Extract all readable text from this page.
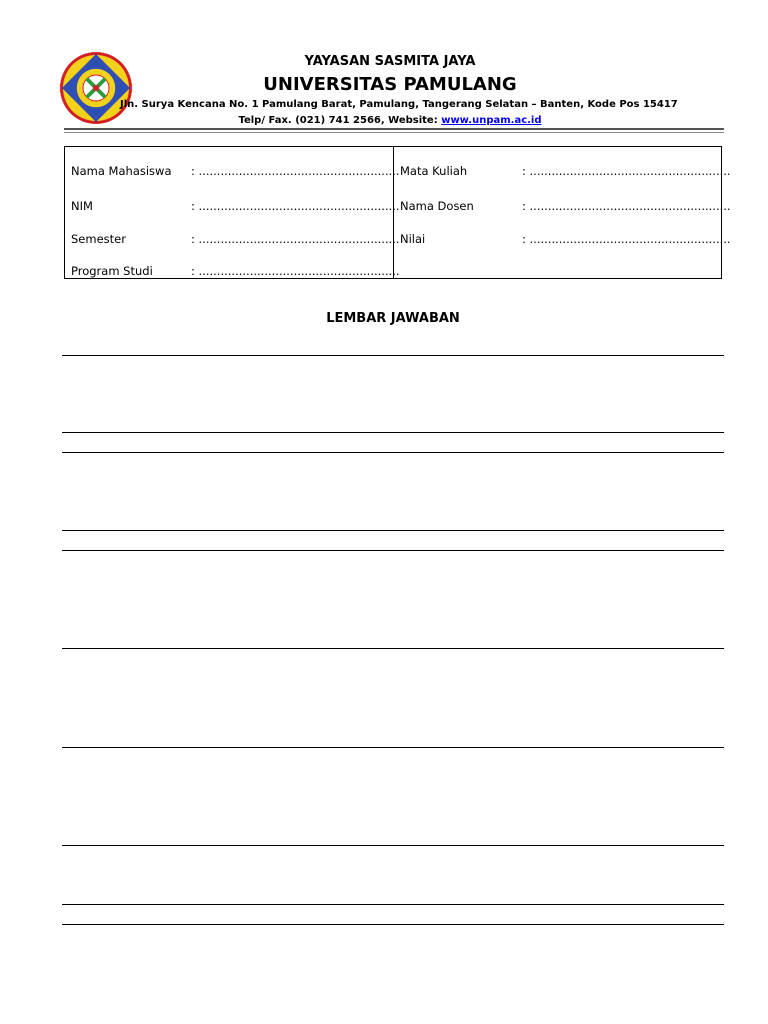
YAYASAN SASMITA JAYA
UNIVERSITAS PAMULANG
Jln. Surya Kencana No. 1 Pamulang Barat, Pamulang, Tangerang Selatan – Banten, Kode Pos 15417
Telp/ Fax. (021) 741 2566, Website: www.unpam.ac.id
Nama Mahasiswa : .......................................................
NIM	: .......................................................
Semester	: .......................................................
Program Studi	: .......................................................
Mata Kuliah	: .......................................................
Nama Dosen	: .......................................................
Nilai	: .......................................................
LEMBAR JAWABAN
